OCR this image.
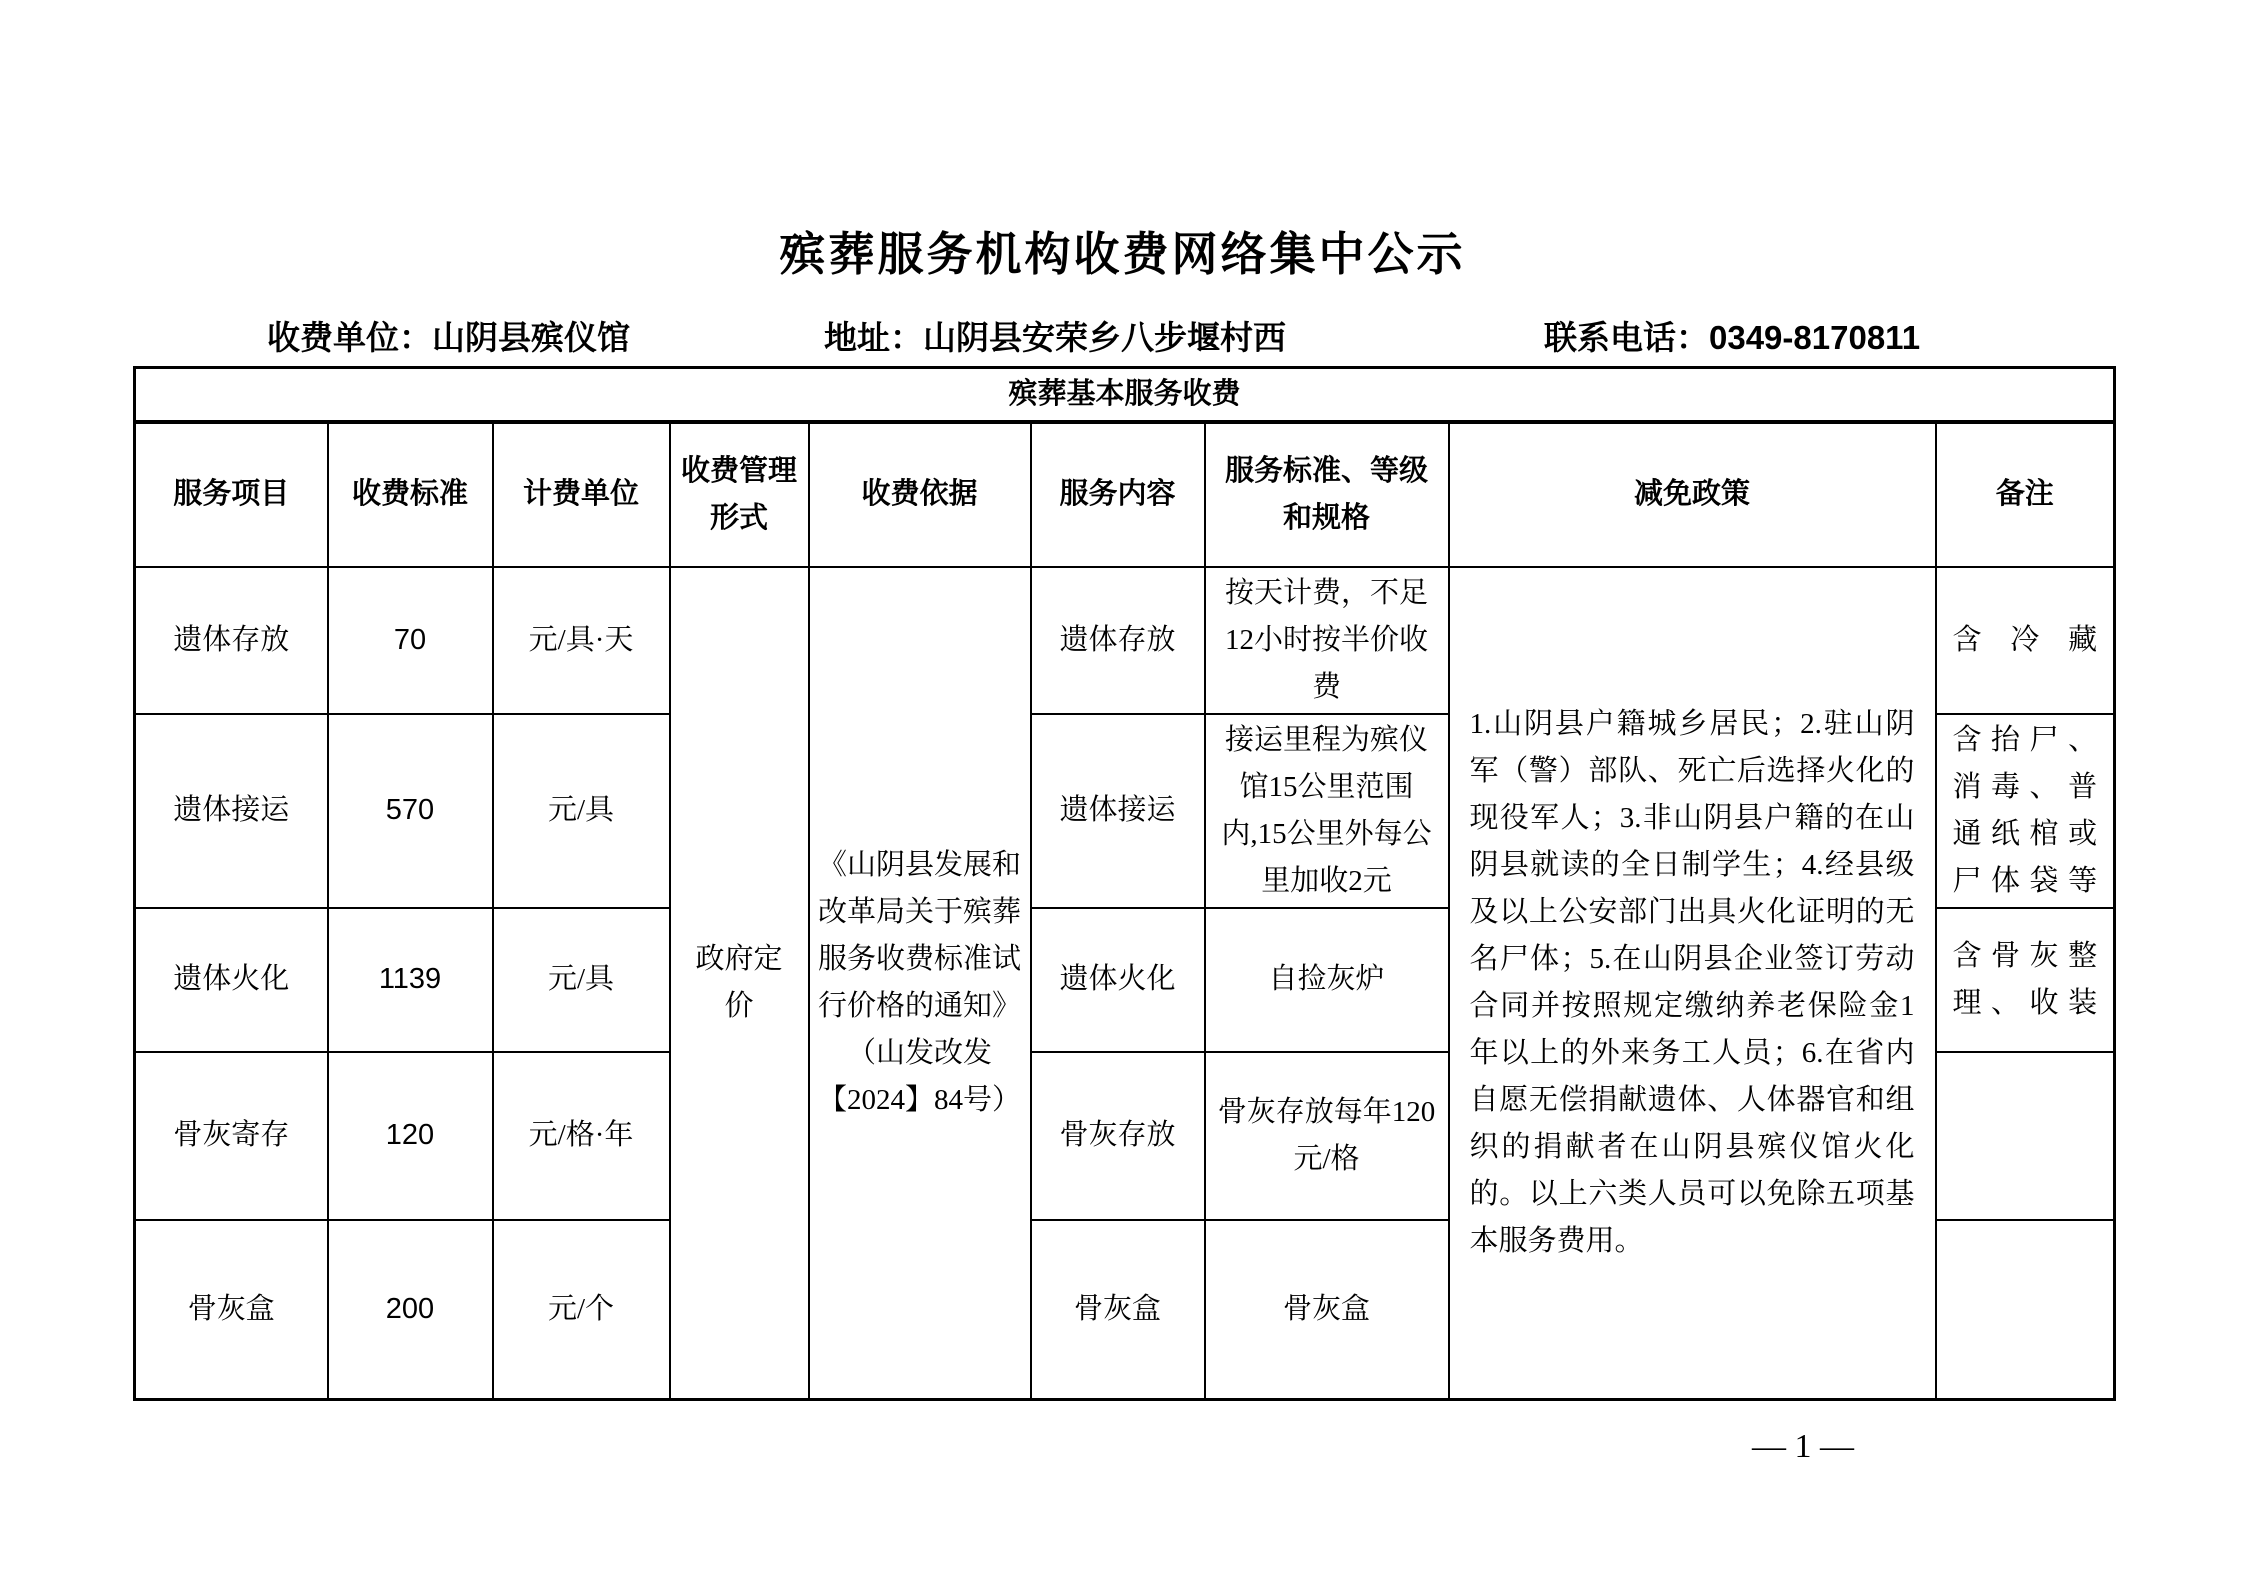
殡葬服务机构收费网络集中公示
收费单位：山阴县殡仪馆	地址：山阴县安荣乡八步堰村西	联系电话：0349-8170811
殡葬基本服务收费								
服务项目	收费标准	计费单位	收费管理形式	收费依据	服务内容	服务标准、等级和规格	减免政策	备注
遗体存放	70	元/具·天	政府定价	《山阴县发展和改革局关于殡葬服务收费标准试行价格的通知》（山发改发【2024】84号）	遗体存放	按天计费，不足12小时按半价收费	1.山阴县户籍城乡居民；2.驻山阴军（警）部队、死亡后选择火化的现役军人；3.非山阴县户籍的在山阴县就读的全日制学生；4.经县级及以上公安部门出具火化证明的无名尸体；5.在山阴县企业签订劳动合同并按照规定缴纳养老保险金1年以上的外来务工人员；6.在省内自愿无偿捐献遗体、人体器官和组织的捐献者在山阴县殡仪馆火化的。以上六类人员可以免除五项基本服务费用。	含冷藏
遗体接运	570	元/具			遗体接运	接运里程为殡仪馆15公里范围内,15公里外每公里加收2元		含抬尸、消毒、普通纸棺或尸体袋等
遗体火化	1139	元/具			遗体火化	自捡灰炉		含骨灰整理、收装
骨灰寄存	120	元/格·年			骨灰存放	骨灰存放每年120元/格		
骨灰盒	200	元/个			骨灰盒	骨灰盒		
— 1 —
